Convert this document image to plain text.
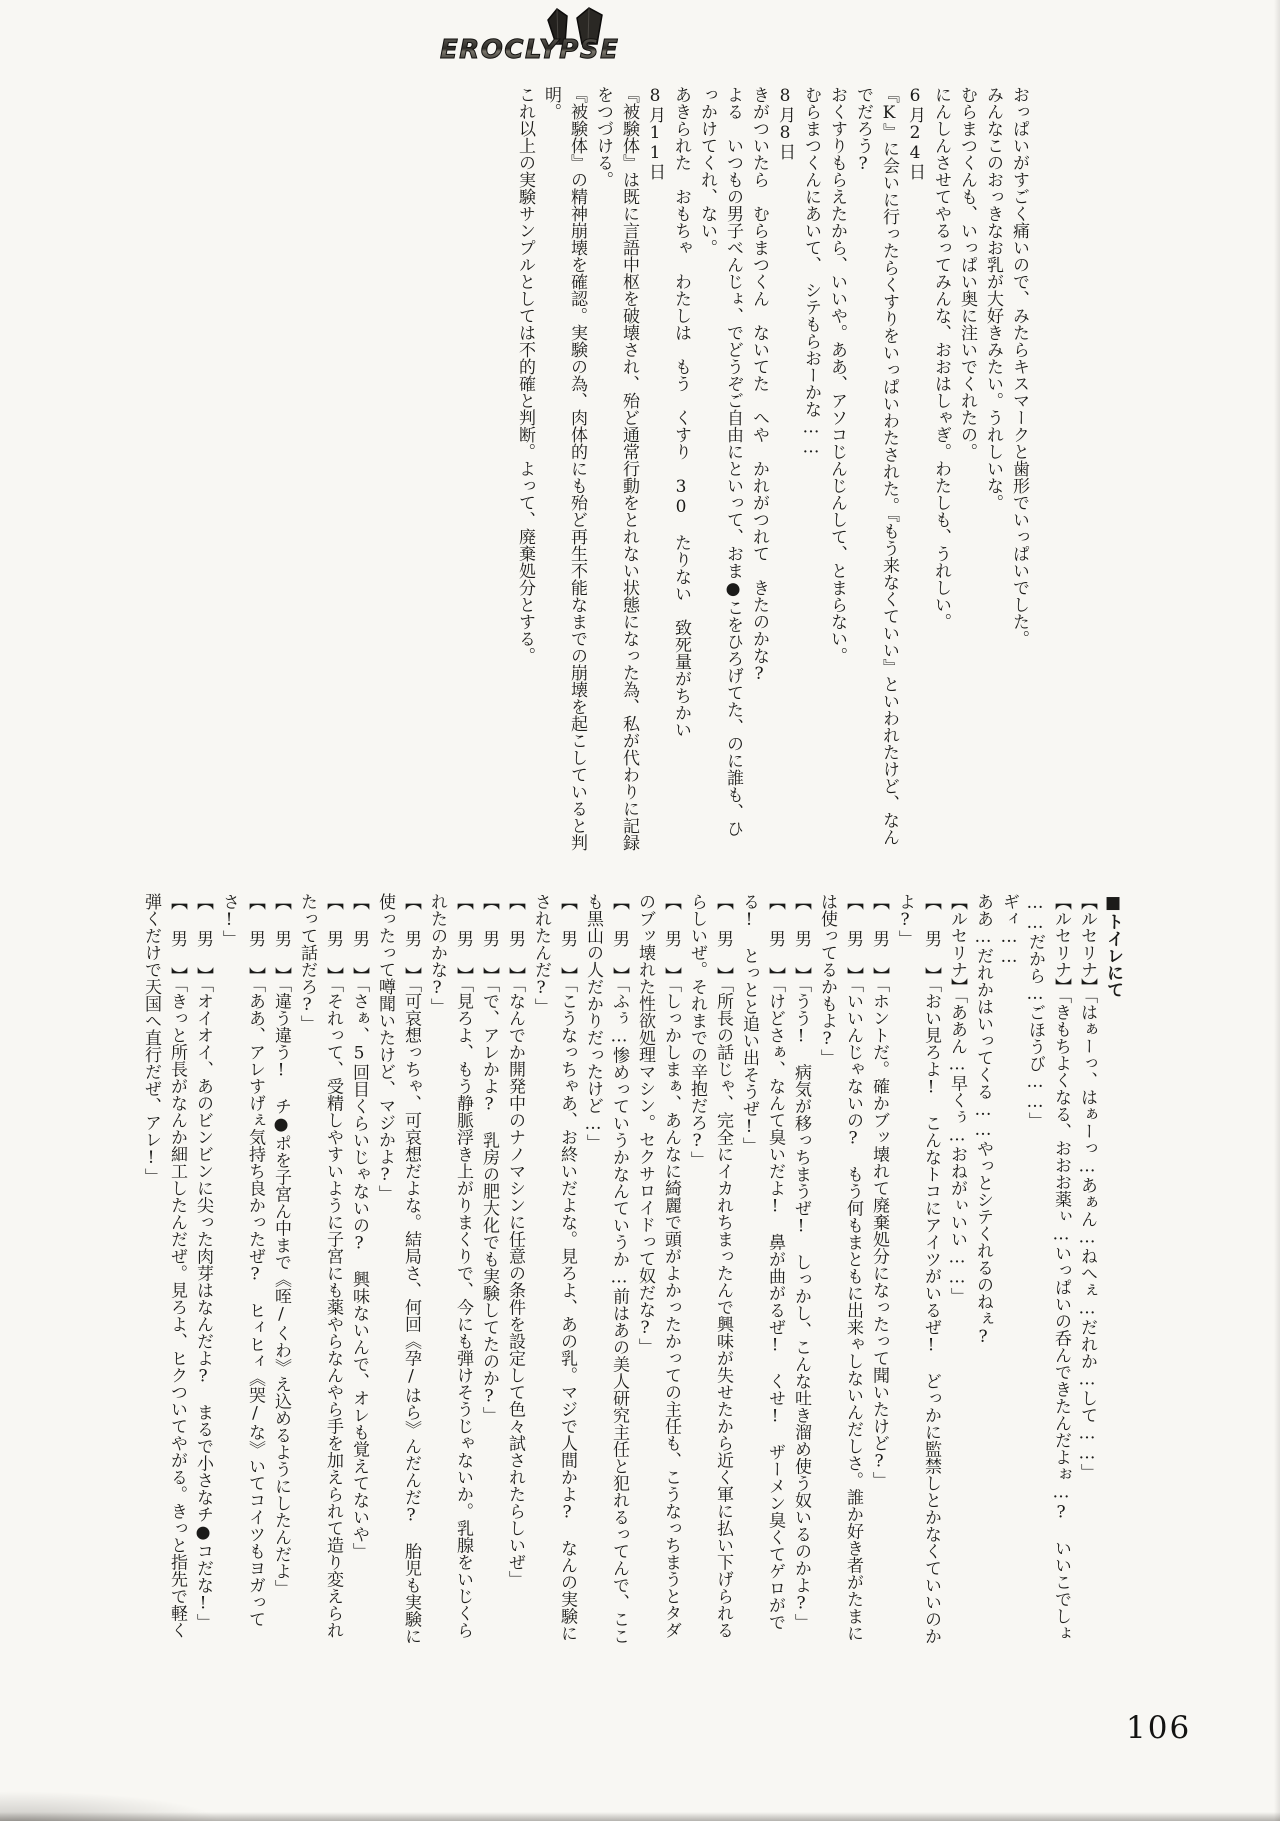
EROCLYPSE

おっぱいがすごく痛いので、みたらキスマークと歯形でいっぱいでした。

みんなこのおっきなお乳が大好きみたい。うれしいな。

むらまつくんも、いっぱい奥に注いでくれたの。

にんしんさせてやるってみんな、おおはしゃぎ。わたしも、うれしい。

6月24日

『K』に会いに行ったらくすりをいっぱいわたされた。『もう来なくていい』といわれたけど、なん

でだろう?

おくすりもらえたから、いいや。ああ、アソコじんじんして、とまらない。

むらまつくんにあいて、　シテもらおーかな……

8月8日

きがついたら　むらまつくん　ないてた　へや　かれがつれて　きたのかな?

よる　いつもの男子べんじょ、でどうぞご自由にといって、おま●こをひろげてた、のに誰も、ひ

っかけてくれ、ない。

あきられた　おもちゃ　わたしは　もう　くすり　30　たりない　致死量がちかい

8月11日

『被験体』は既に言語中枢を破壊され、殆ど通常行動をとれない状態になった為、私が代わりに記録

をつづける。

『被験体』の精神崩壊を確認。実験の為、肉体的にも殆ど再生不能なまでの崩壊を起こしていると判

明。

これ以上の実験サンプルとしては不的確と判断。よって、廃棄処分とする。

■トイレにて

【ルセリナ】「はぁーっ、はぁーっ…あぁん…ねへぇ…だれか…して……」

【ルセリナ】「きもちよくなる、おおお薬ぃ…いっぱいの呑んできたんだよぉ…?　いいこでしょ

……だから…ごほうび……」

ギィ……

ああ…だれかはいってくる……やっとシテくれるのねぇ?

【ルセリナ】「ああん…早くぅ…おねがぃいい……」

【 男 】「おい見ろよ!　こんなトコにアイツがいるぜ!　どっかに監禁しとかなくていいのか

よ?」

【 男 】「ホントだ。確かブッ壊れて廃棄処分になったって聞いたけど?」

【 男 】「いいんじゃないの?　もう何もまともに出来ゃしないんだしさ。誰か好き者がたまに

は使ってるかもよ?」

【 男 】「うう!　病気が移っちまうぜ!　しっかし、こんな吐き溜め使う奴いるのかよ?」

【 男 】「けどさぁ、なんて臭いだよ!　鼻が曲がるぜ!　くせ!　ザーメン臭くてゲロがで

る!　とっとと追い出そうぜ!」

【 男 】「所長の話じゃ、完全にイカれちまったんで興味が失せたから近く軍に払い下げられる

らしいぜ。それまでの辛抱だろ?」

【 男 】「しっかしまぁ、あんなに綺麗で頭がよかったかっての主任も、こうなっちまうとタダ

のブッ壊れた性欲処理マシン。セクサロイドって奴だな?」

【 男 】「ふぅ…惨めっていうかなんていうか…前はあの美人研究主任と犯れるってんで、ここ

も黒山の人だかりだったけど…」

【 男 】「こうなっちゃあ、お終いだよな。見ろよ、あの乳。マジで人間かよ?　なんの実験に

されたんだ?」

【 男 】「なんでか開発中のナノマシンに任意の条件を設定して色々試されたらしいぜ」

【 男 】「で、アレかよ?　乳房の肥大化でも実験してたのか?」

【 男 】「見ろよ、もう静脈浮き上がりまくりで、今にも弾けそうじゃないか。乳腺をいじくら

れたのかな?」

【 男 】「可哀想っちゃ、可哀想だよな。結局さ、何回《孕/はら》んだんだ?　胎児も実験に

使ったって噂聞いたけど、マジかよ?」

【 男 】「さぁ、5回目くらいじゃないの?　興味ないんで、オレも覚えてないや」

【 男 】「それって、受精しやすいように子宮にも薬やらなんやら手を加えられて造り変えられ

たって話だろ?」

【 男 】「違う違う!　チ●ポを子宮ん中まで《咥/くわ》え込めるようにしたんだよ」

【 男 】「ああ、アレすげぇ気持ち良かったぜ?　ヒィヒィ《哭/な》いてコイツもヨガって

さ!」

【 男 】「オイオイ、あのビンビンに尖った肉芽はなんだよ?　まるで小さなチ●コだな!」

【 男 】「きっと所長がなんか細工したんだぜ。見ろよ、ヒクついてやがる。きっと指先で軽く

弾くだけで天国へ直行だぜ、アレ!」

106
